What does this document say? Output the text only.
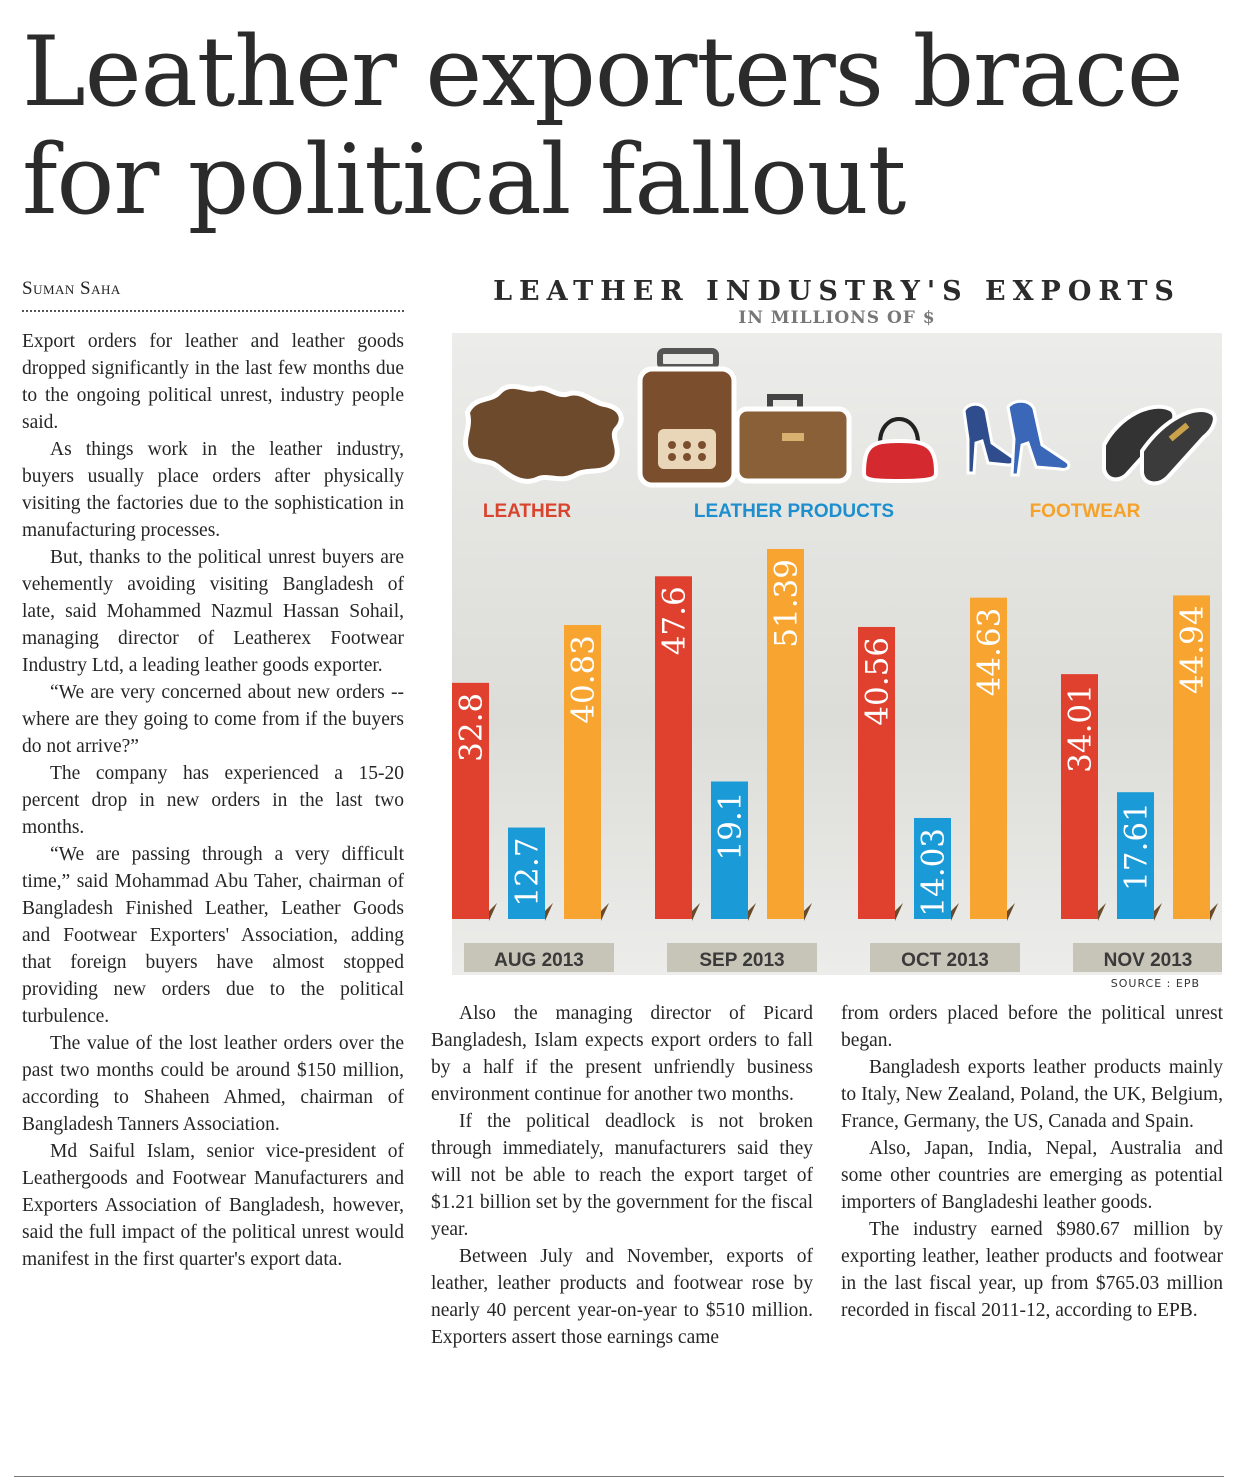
Leather exporters brace
for political fallout
Suman Saha

Export orders for leather and leather goods dropped significantly in the last few months due to the ongoing political unrest, industry people said.

As things work in the leather industry, buyers usually place orders after physically visiting the factories due to the sophistication in manufacturing processes.

But, thanks to the political unrest buyers are vehemently avoiding visiting Bangladesh of late, said Mohammed Nazmul Hassan Sohail, managing director of Leatherex Footwear Industry Ltd, a leading leather goods exporter.

“We are very concerned about new orders -- where are they going to come from if the buyers do not arrive?”

The company has experienced a 15-20 percent drop in new orders in the last two months.

“We are passing through a very difficult time,” said Mohammad Abu Taher, chairman of Bangladesh Finished Leather, Leather Goods and Footwear Exporters' Association, adding that foreign buyers have almost stopped providing new orders due to the political turbulence.

The value of the lost leather orders over the past two months could be around $150 million, according to Shaheen Ahmed, chairman of Bangladesh Tanners Association.

Md Saiful Islam, senior vice-president of Leathergoods and Footwear Manufacturers and Exporters Association of Bangladesh, however, said the full impact of the political unrest would manifest in the first quarter's export data.

LEATHER INDUSTRY'S EXPORTS
IN MILLIONS OF $
LEATHER	LEATHER PRODUCTS	FOOTWEAR
32.8
12.7
40.83
47.6
19.1
51.39
40.56
14.03
44.63
34.01
17.61
44.94
AUG 2013	SEP 2013	OCT 2013	NOV 2013
SOURCE : EPB

Also the managing director of Picard Bangladesh, Islam expects export orders to fall by a half if the present unfriendly business environment continue for another two months.

If the political deadlock is not broken through immediately, manufacturers said they will not be able to reach the export target of $1.21 billion set by the government for the fiscal year.

Between July and November, exports of leather, leather products and footwear rose by nearly 40 percent year-on-year to $510 million. Exporters assert those earnings came

from orders placed before the political unrest began.

Bangladesh exports leather products mainly to Italy, New Zealand, Poland, the UK, Belgium, France, Germany, the US, Canada and Spain.

Also, Japan, India, Nepal, Australia and some other countries are emerging as potential importers of Bangladeshi leather goods.

The industry earned $980.67 million by exporting leather, leather products and footwear in the last fiscal year, up from $765.03 million recorded in fiscal 2011-12, according to EPB.
